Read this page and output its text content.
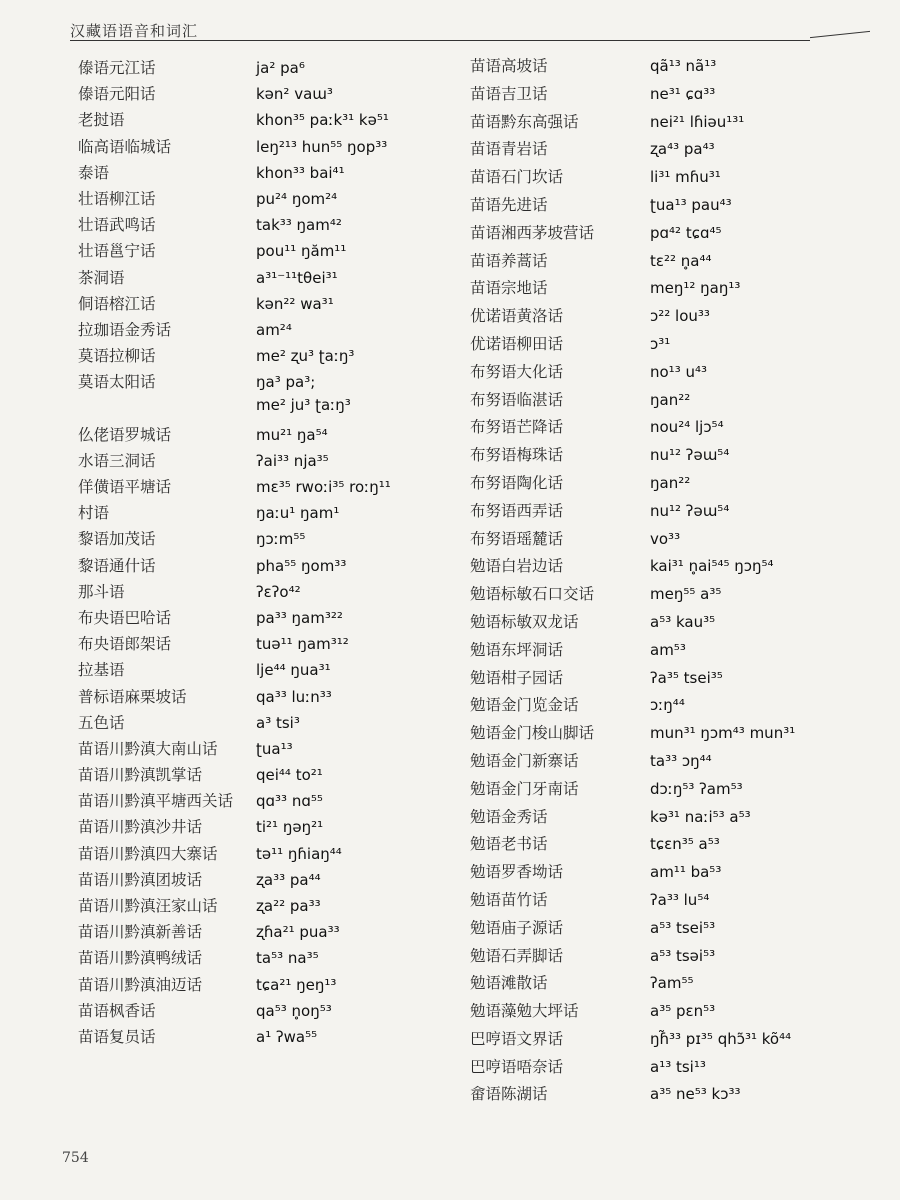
汉藏语语音和词汇
傣语元江话	ja² pa⁶
傣语元阳话	kən² vaɯ³
老挝语	khon³⁵ paːk³¹ kə⁵¹
临高语临城话	leŋ²¹³ hun⁵⁵ ŋop³³
泰语	khon³³ bai⁴¹
壮语柳江话	pu²⁴ ŋom²⁴
壮语武鸣话	tak³³ ŋam⁴²
壮语邕宁话	pou¹¹ ŋăm¹¹
茶洞语	a³¹⁻¹¹tθei³¹
侗语榕江话	kən²² wa³¹
拉珈语金秀话	am²⁴
莫语拉柳话	me² ʐu³ ʈaːŋ³
莫语太阳话	ŋa³ pa³;
me² ju³ ʈaːŋ³
仫佬语罗城话	mu²¹ ŋa⁵⁴
水语三洞话	ʔai³³ nja³⁵
佯僙语平塘话	mɛ³⁵ rwoːi³⁵ roːŋ¹¹
村语	ŋaːu¹ ŋam¹
黎语加茂话	ŋɔːm⁵⁵
黎语通什话	pha⁵⁵ ŋom³³
那斗语	ʔɛʔo⁴²
布央语巴哈话	pa³³ ŋam³²²
布央语郎架话	tuə¹¹ ŋam³¹²
拉基语	lje⁴⁴ ŋua³¹
普标语麻栗坡话	qa³³ luːn³³
五色话	a³ tsi³
苗语川黔滇大南山话	ʈua¹³
苗语川黔滇凯掌话	qei⁴⁴ to²¹
苗语川黔滇平塘西关话	qɑ³³ nɑ⁵⁵
苗语川黔滇沙井话	ti²¹ ŋəŋ²¹
苗语川黔滇四大寨话	tə¹¹ ŋɦiaŋ⁴⁴
苗语川黔滇团坡话	ʐa³³ pa⁴⁴
苗语川黔滇汪家山话	ʐa²² pa³³
苗语川黔滇新善话	ʐɦa²¹ pua³³
苗语川黔滇鸭绒话	ta⁵³ na³⁵
苗语川黔滇油迈话	tɕa²¹ ŋeŋ¹³
苗语枫香话	qa⁵³ n̥oŋ⁵³
苗语复员话	a¹ ʔwa⁵⁵
苗语高坡话	qã¹³ nã¹³
苗语吉卫话	ne³¹ ɕɑ³³
苗语黔东高强话	nei²¹ lɦiəu¹³¹
苗语青岩话	ʐa⁴³ pa⁴³
苗语石门坎话	li³¹ mɦu³¹
苗语先进话	ʈua¹³ pau⁴³
苗语湘西茅坡营话	pɑ⁴² tɕɑ⁴⁵
苗语养蒿话	tɛ²² n̥a⁴⁴
苗语宗地话	meŋ¹² ŋaŋ¹³
优诺语黄洛话	ɔ²² lou³³
优诺语柳田话	ɔ³¹
布努语大化话	no¹³ u⁴³
布努语临湛话	ŋan²²
布努语芒降话	nou²⁴ ljɔ⁵⁴
布努语梅珠话	nu¹² ʔəɯ⁵⁴
布努语陶化话	ŋan²²
布努语西弄话	nu¹² ʔəɯ⁵⁴
布努语瑶麓话	vo³³
勉语白岩边话	kai³¹ n̥ai⁵⁴⁵ ŋɔŋ⁵⁴
勉语标敏石口交话	meŋ⁵⁵ a³⁵
勉语标敏双龙话	a⁵³ kau³⁵
勉语东坪洞话	am⁵³
勉语柑子园话	ʔa³⁵ tsei³⁵
勉语金门览金话	ɔːŋ⁴⁴
勉语金门梭山脚话	mun³¹ ŋɔm⁴³ mun³¹
勉语金门新寨话	ta³³ ɔŋ⁴⁴
勉语金门牙南话	dɔːŋ⁵³ ʔam⁵³
勉语金秀话	kə³¹ naːi⁵³ a⁵³
勉语老书话	tɕɛn³⁵ a⁵³
勉语罗香坳话	am¹¹ ba⁵³
勉语苗竹话	ʔa³³ lu⁵⁴
勉语庙子源话	a⁵³ tsei⁵³
勉语石弄脚话	a⁵³ tsəi⁵³
勉语滩散话	ʔam⁵⁵
勉语藻勉大坪话	a³⁵ pɛn⁵³
巴哼语文界话	ŋɦ̃³³ pɪ³⁵ qhɔ̃³¹ kõ⁴⁴
巴哼语唔奈话	a¹³ tsi¹³
畲语陈湖话	a³⁵ ne⁵³ kɔ³³
754
